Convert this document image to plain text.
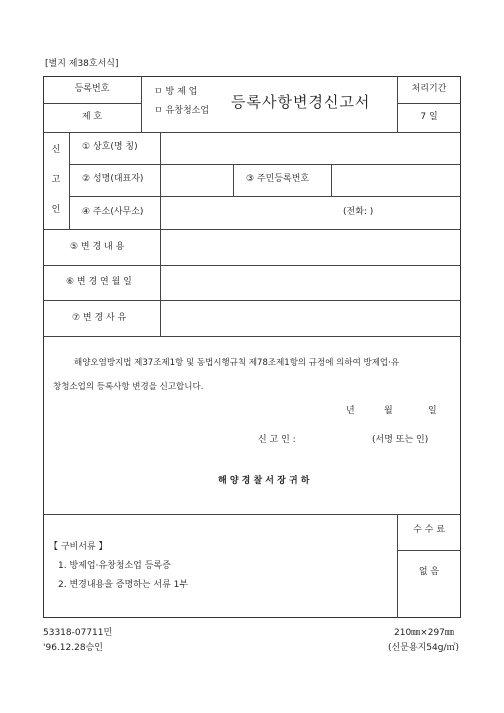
[별지 제38호서식]
등록번호
제 호
ㅁ 방 제 업
ㅁ 유창청소업 등록사항변경신고서
처리기간
7 일
신
고
인
① 상호(명 칭)
② 성명(대표자)	③ 주민등록번호
④ 주소(사무소)	(전화: )
⑤ 변 경 내 용
⑥ 변 경 연 월 일
⑦ 변 경 사 유
해양오염방지법 제37조제1항 및 동법시행규칙 제78조제1항의 규정에 의하여 방제업·유
창청소업의 등록사항 변경을 신고합니다.
년	월	일
신 고 인 :	(서명 또는 인)
해 양 경 찰 서 장 귀 하
【 구비서류 】
1. 방제업·유창청소업 등록증
2. 변경내용을 증명하는 서류 1부
수 수 료
없 음
53318-07711민
'96.12.28승인
210㎜×297㎜
(신문용지54g/㎡)
